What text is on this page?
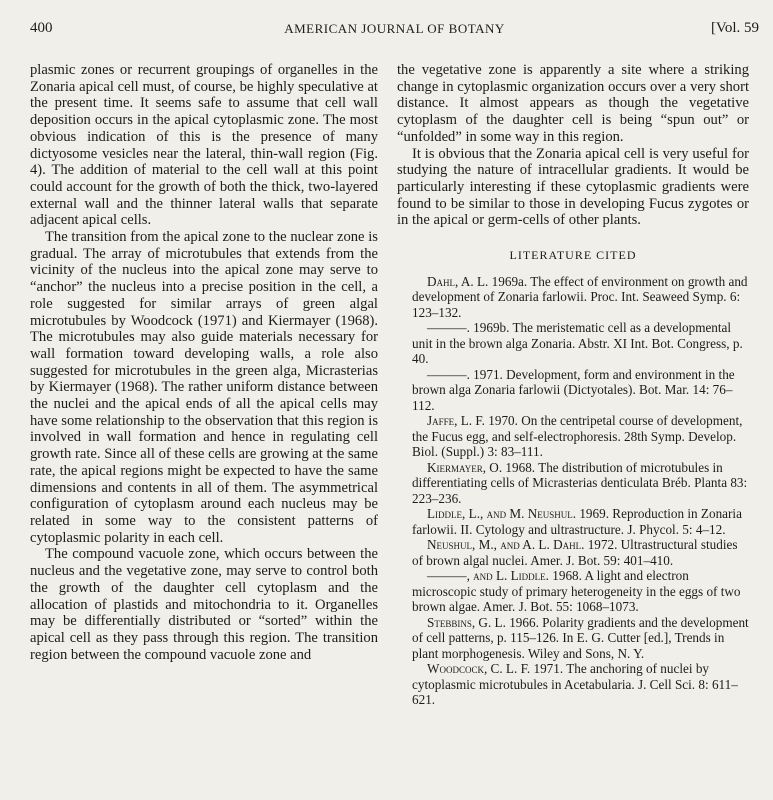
400	AMERICAN JOURNAL OF BOTANY	[Vol. 59

plasmic zones or recurrent groupings of organelles in the Zonaria apical cell must, of course, be highly speculative at the present time. It seems safe to assume that cell wall deposition occurs in the apical cytoplasmic zone. The most obvious indication of this is the presence of many dictyosome vesicles near the lateral, thin-wall region (Fig. 4). The addition of material to the cell wall at this point could account for the growth of both the thick, two-layered external wall and the thinner lateral walls that separate adjacent apical cells.

The transition from the apical zone to the nuclear zone is gradual. The array of microtubules that extends from the vicinity of the nucleus into the apical zone may serve to “anchor” the nucleus into a precise position in the cell, a role suggested for similar arrays of green algal microtubules by Woodcock (1971) and Kiermayer (1968). The microtubules may also guide materials necessary for wall formation toward developing walls, a role also suggested for microtubules in the green alga, Micrasterias by Kiermayer (1968). The rather uniform distance between the nuclei and the apical ends of all the apical cells may have some relationship to the observation that this region is involved in wall formation and hence in regulating cell growth rate. Since all of these cells are growing at the same rate, the apical regions might be expected to have the same dimensions and contents in all of them. The asymmetrical configuration of cytoplasm around each nucleus may be related in some way to the consistent patterns of cytoplasmic polarity in each cell.

The compound vacuole zone, which occurs between the nucleus and the vegetative zone, may serve to control both the growth of the daughter cell cytoplasm and the allocation of plastids and mitochondria to it. Organelles may be differentially distributed or “sorted” within the apical cell as they pass through this region. The transition region between the compound vacuole zone and

the vegetative zone is apparently a site where a striking change in cytoplasmic organization occurs over a very short distance. It almost appears as though the vegetative cytoplasm of the daughter cell is being “spun out” or “unfolded” in some way in this region.

It is obvious that the Zonaria apical cell is very useful for studying the nature of intracellular gradients. It would be particularly interesting if these cytoplasmic gradients were found to be similar to those in developing Fucus zygotes or in the apical or germ-cells of other plants.

LITERATURE CITED

Dahl, A. L. 1969a. The effect of environment on growth and development of Zonaria farlowii. Proc. Int. Seaweed Symp. 6: 123–132.

———. 1969b. The meristematic cell as a developmental unit in the brown alga Zonaria. Abstr. XI Int. Bot. Congress, p. 40.

———. 1971. Development, form and environment in the brown alga Zonaria farlowii (Dictyotales). Bot. Mar. 14: 76–112.

Jaffe, L. F. 1970. On the centripetal course of development, the Fucus egg, and self-electrophoresis. 28th Symp. Develop. Biol. (Suppl.) 3: 83–111.

Kiermayer, O. 1968. The distribution of microtubules in differentiating cells of Micrasterias denticulata Bréb. Planta 83: 223–236.

Liddle, L., and M. Neushul. 1969. Reproduction in Zonaria farlowii. II. Cytology and ultrastructure. J. Phycol. 5: 4–12.

Neushul, M., and A. L. Dahl. 1972. Ultrastructural studies of brown algal nuclei. Amer. J. Bot. 59: 401–410.

———, and L. Liddle. 1968. A light and electron microscopic study of primary heterogeneity in the eggs of two brown algae. Amer. J. Bot. 55: 1068–1073.

Stebbins, G. L. 1966. Polarity gradients and the development of cell patterns, p. 115–126. In E. G. Cutter [ed.], Trends in plant morphogenesis. Wiley and Sons, N. Y.

Woodcock, C. L. F. 1971. The anchoring of nuclei by cytoplasmic microtubules in Acetabularia. J. Cell Sci. 8: 611–621.
